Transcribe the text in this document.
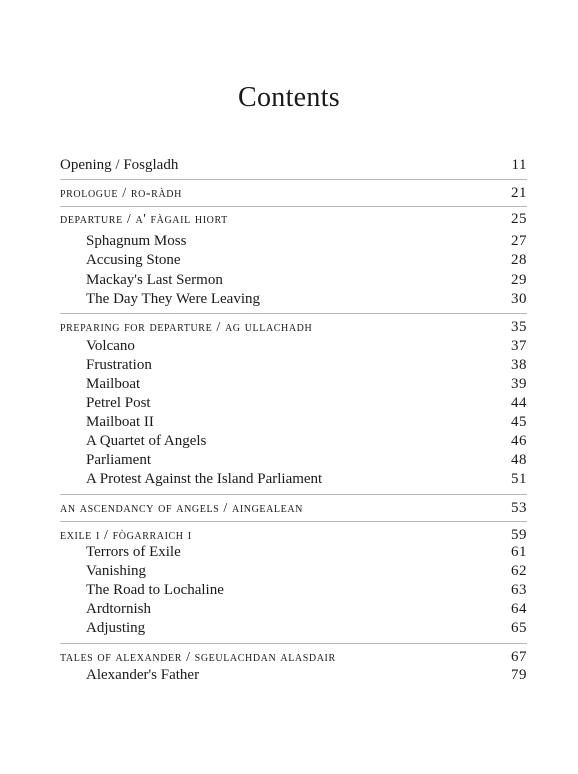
Contents
Opening / Fosgladh	11
prologue / ro-ràdh	21
departure / a' fàgail hiort	25
Sphagnum Moss	27
Accusing Stone	28
Mackay's Last Sermon	29
The Day They Were Leaving	30
preparing for departure / ag ullachadh	35
Volcano	37
Frustration	38
Mailboat	39
Petrel Post	44
Mailboat II	45
A Quartet of Angels	46
Parliament	48
A Protest Against the Island Parliament	51
an ascendancy of angels / aingealean	53
exile i / fògarraich i	59
Terrors of Exile	61
Vanishing	62
The Road to Lochaline	63
Ardtornish	64
Adjusting	65
tales of alexander / sgeulachdan alasdair	67
Alexander's Father	79
